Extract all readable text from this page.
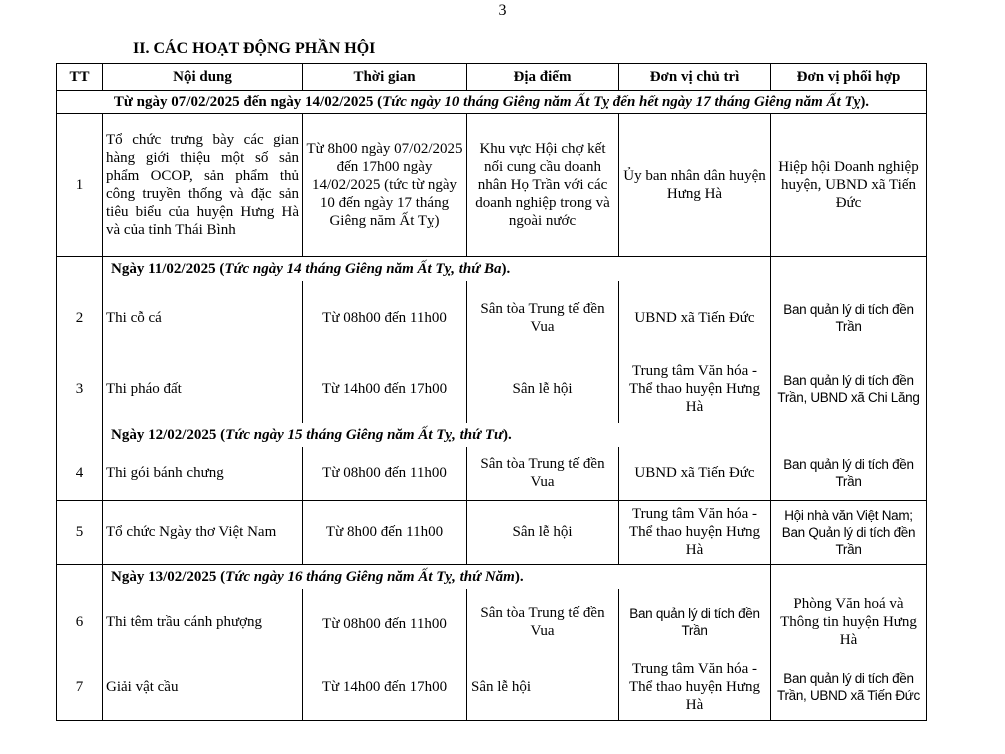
3
II. CÁC HOẠT ĐỘNG PHẦN HỘI
TT	Nội dung	Thời gian	Địa điểm	Đơn vị chủ trì	Đơn vị phối hợp
Từ ngày 07/02/2025 đến ngày 14/02/2025 (Tức ngày 10 tháng Giêng năm Ất Tỵ đến hết ngày 17 tháng Giêng năm Ất Tỵ).					
1	Tổ chức trưng bày các gian hàng giới thiệu một số sản phẩm OCOP, sản phẩm thủ công truyền thống và đặc sản tiêu biểu của huyện Hưng Hà và của tỉnh Thái Bình	Từ 8h00 ngày 07/02/2025 đến 17h00 ngày 14/02/2025 (tức từ ngày 10 đến ngày 17 tháng Giêng năm Ất Tỵ)	Khu vực Hội chợ kết nối cung cầu doanh nhân Họ Trần với các doanh nghiệp trong và ngoài nước	Ủy ban nhân dân huyện Hưng Hà	Hiệp hội Doanh nghiệp huyện, UBND xã Tiến Đức
	Ngày 11/02/2025 (Tức ngày 14 tháng Giêng năm Ất Tỵ, thứ Ba).				
2	Thi cỗ cá	Từ 08h00 đến 11h00	Sân tòa Trung tế đền Vua	UBND xã Tiến Đức	Ban quản lý di tích đền Trần
3	Thi pháo đất	Từ 14h00 đến 17h00	Sân lễ hội	Trung tâm Văn hóa - Thể thao huyện Hưng Hà	Ban quản lý di tích đền Trần, UBND xã Chi Lăng
	Ngày 12/02/2025 (Tức ngày 15 tháng Giêng năm Ất Tỵ, thứ Tư).				
4	Thi gói bánh chưng	Từ 08h00 đến 11h00	Sân tòa Trung tế đền Vua	UBND xã Tiến Đức	Ban quản lý di tích đền Trần
5	Tổ chức Ngày thơ Việt Nam	Từ 8h00 đến 11h00	Sân lễ hội	Trung tâm Văn hóa - Thể thao huyện Hưng Hà	Hội nhà văn Việt Nam; Ban Quản lý di tích đền Trần
	Ngày 13/02/2025 (Tức ngày 16 tháng Giêng năm Ất Tỵ, thứ Năm).				
6	Thi têm trầu cánh phượng	Từ 08h00 đến 11h00	Sân tòa Trung tế đền Vua	Ban quản lý di tích đền Trần	Phòng Văn hoá và Thông tin huyện Hưng Hà
7	Giải vật cầu	Từ 14h00 đến 17h00	Sân lễ hội	Trung tâm Văn hóa - Thể thao huyện Hưng Hà	Ban quản lý di tích đền Trần, UBND xã Tiến Đức
